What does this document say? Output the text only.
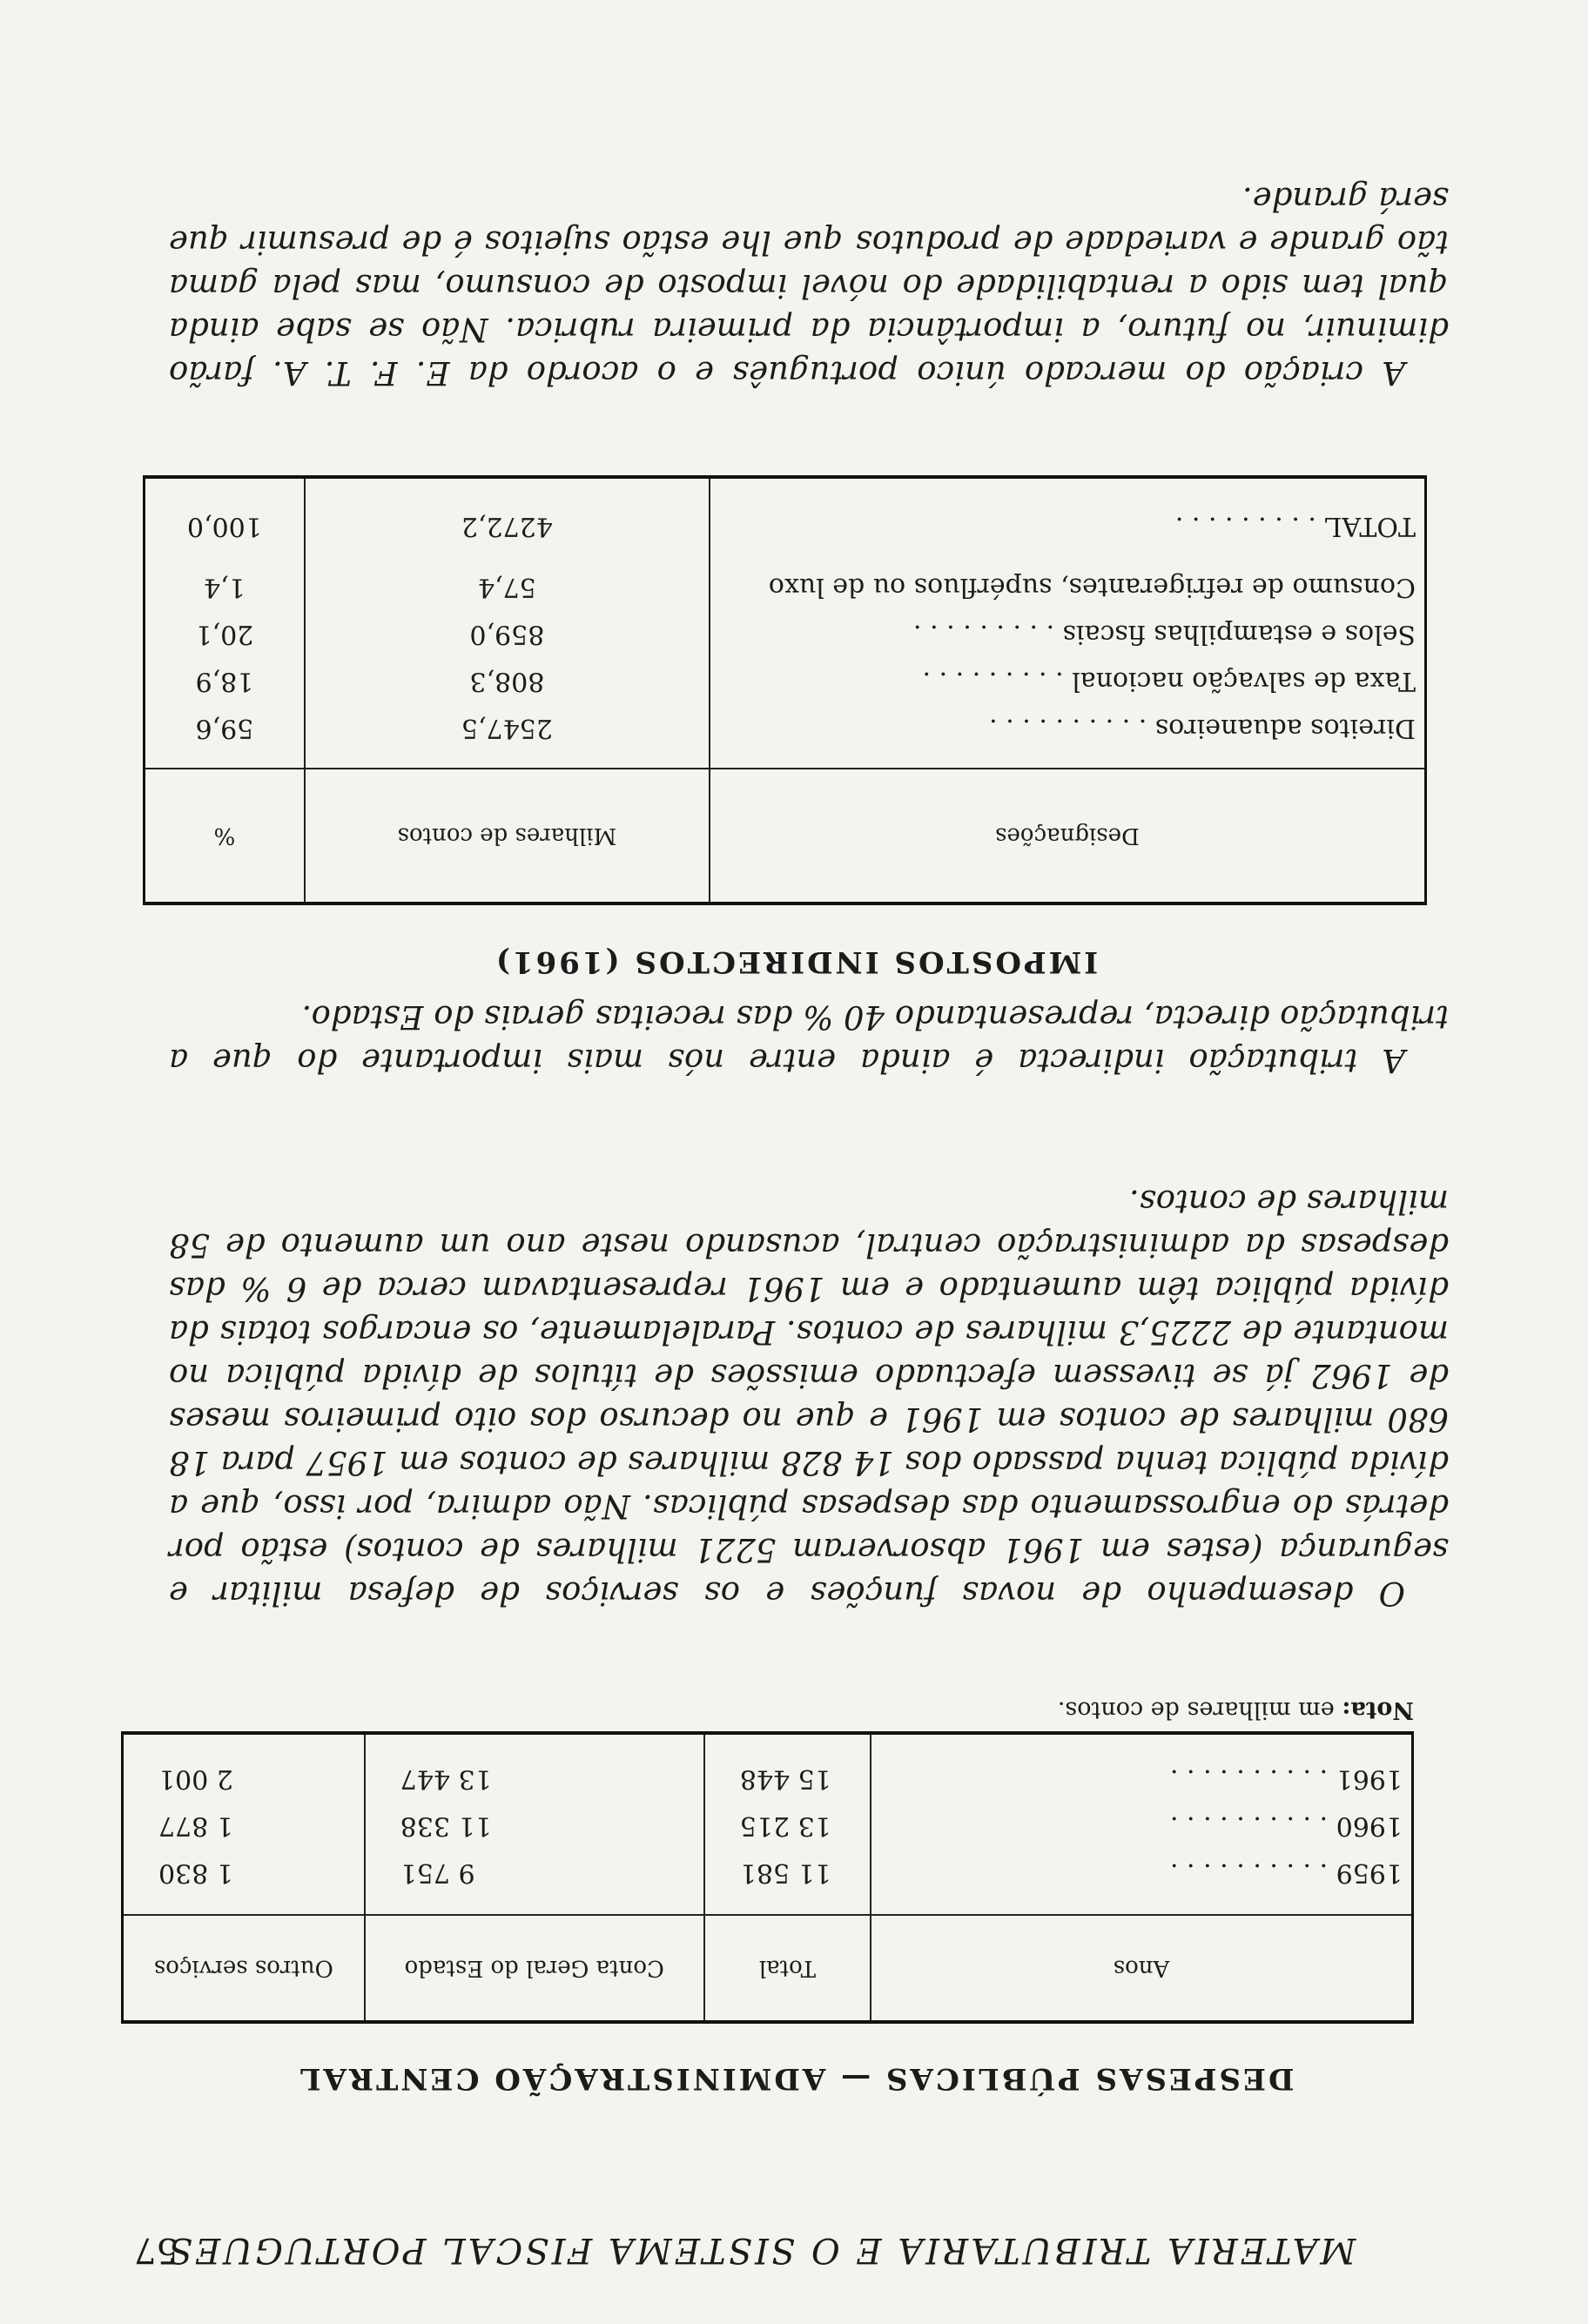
MATERIA TRIBUTARIA E O SISTEMA FISCAL PORTUGUES
57
DESPESAS PÚBLICAS — ADMINISTRAÇÃO CENTRAL
Anos	Total	Conta Geral do Estado	Outros serviços
1959 . . . . . . . . . .	11 581	9 751	1 830
1960 . . . . . . . . . .	13 215	11 338	1 877
1961 . . . . . . . . . .	15 448	13 447	2 001
Nota: em milhares de contos.

O desempenho de novas funções e os serviços de defesa militar e segurança (estes em 1961 absorveram 5221 milhares de contos) estão por detrás do engrossamento das despesas públicas. Não admira, por isso, que a dívida pública tenha passado dos 14 828 milhares de contos em 1957 para 18 680 milhares de contos em 1961 e que no decurso dos oito primeiros meses de 1962 já se tivessem efectuado emissões de títulos de dívida pública no montante de 2225,3 milhares de contos. Paralelamente, os encargos totais da dívida pública têm aumentado e em 1961 representavam cerca de 6 % das despesas da administração central, acusando neste ano um aumento de 58 milhares de contos.

A tributação indirecta é ainda entre nós mais importante do que a tributação directa, representando 40 % das receitas gerais do Estado.

IMPOSTOS INDIRECTOS (1961)
Designações	Milhares de contos	%
Direitos aduaneiros . . . . . . . . . .	2547,5	59,6
Taxa de salvação nacional . . . . . . . . .	808,3	18,9
Selos e estampilhas fiscais . . . . . . . . .	859,0	20,1
Consumo de refrigerantes, supérfluos ou de luxo	57,4	1,4

TOTAL . . . . . . . . .	4272,2	100,0

A criação do mercado único português e o acordo da E. F. T. A. farão diminuir, no futuro, a importância da primeira rubrica. Não se sabe ainda qual tem sido a rentabilidade do nóvel imposto de consumo, mas pela gama tão grande e variedade de produtos que lhe estão sujeitos é de presumir que será grande.
